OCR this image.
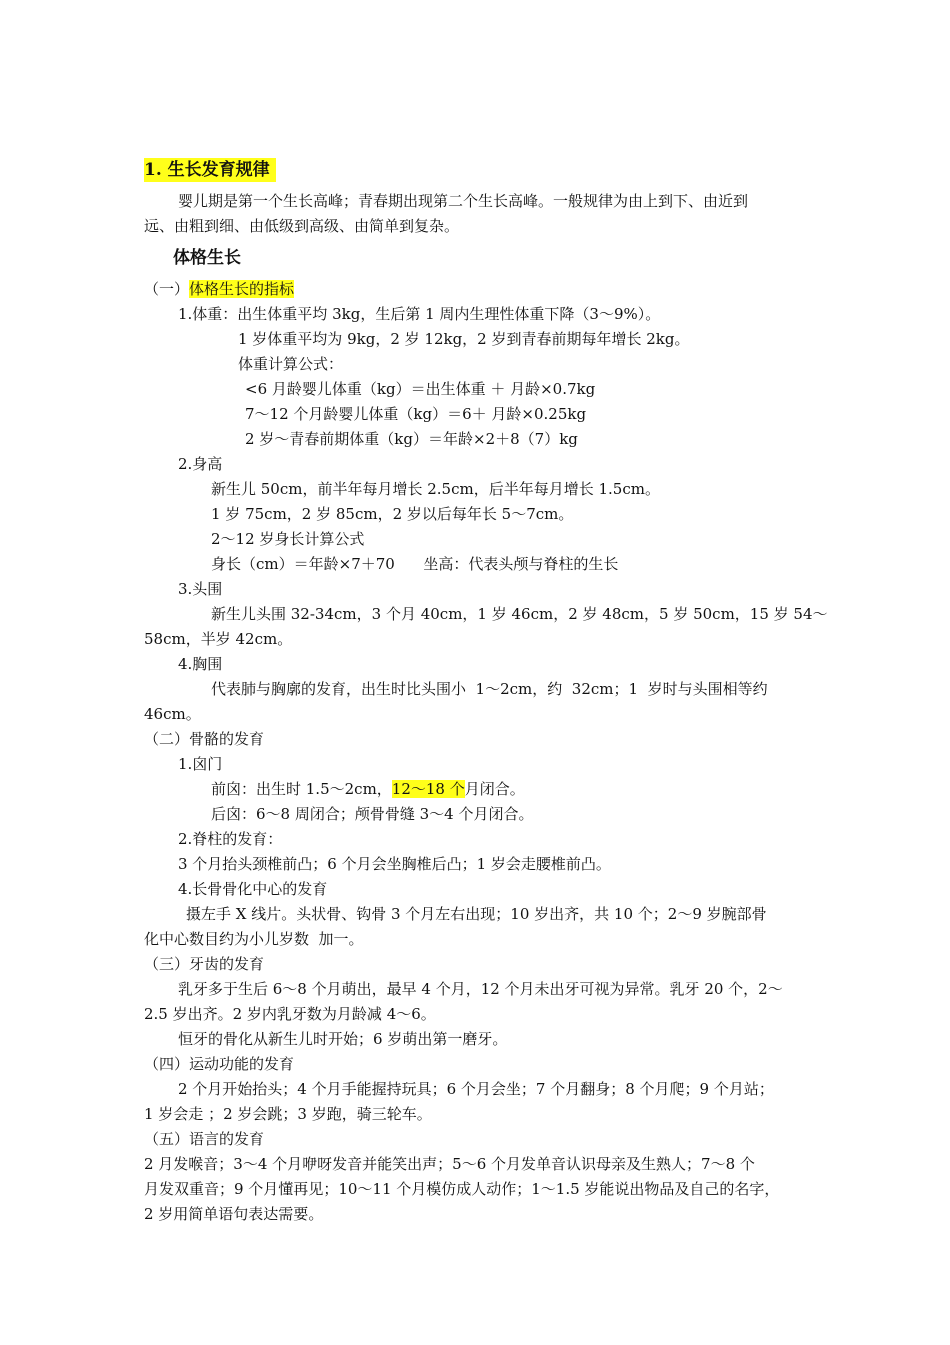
1. 生长发育规律
婴儿期是第一个生长高峰；青春期出现第二个生长高峰。一般规律为由上到下、由近到
远、由粗到细、由低级到高级、由简单到复杂。
体格生长
（一）体格生长的指标
1.体重：出生体重平均 3kg，生后第 1 周内生理性体重下降（3～9%）。
1 岁体重平均为 9kg，2 岁 12kg，2 岁到青春前期每年增长 2kg。
体重计算公式：
<6 月龄婴儿体重（kg）＝出生体重 ＋ 月龄×0.7kg
7～12 个月龄婴儿体重（kg）＝6＋ 月龄×0.25kg
2 岁～青春前期体重（kg）＝年龄×2＋8（7）kg
2.身高
新生儿 50cm，前半年每月增长 2.5cm，后半年每月增长 1.5cm。
1 岁 75cm，2 岁 85cm，2 岁以后每年长 5～7cm。
2～12 岁身长计算公式
身长（cm）＝年龄×7＋70      坐高：代表头颅与脊柱的生长
3.头围
新生儿头围 32-34cm，3 个月 40cm，1 岁 46cm，2 岁 48cm，5 岁 50cm，15 岁 54～
58cm，半岁 42cm。
4.胸围
代表肺与胸廓的发育，出生时比头围小  1～2cm，约  32cm；1  岁时与头围相等约
46cm。
（二）骨骼的发育
1.囟门
前囟：出生时 1.5～2cm，12～18 个月闭合。
后囟：6～8 周闭合；颅骨骨缝 3～4 个月闭合。
2.脊柱的发育：
3 个月抬头颈椎前凸；6 个月会坐胸椎后凸；1 岁会走腰椎前凸。
4.长骨骨化中心的发育
摄左手 X 线片。头状骨、钩骨 3 个月左右出现；10 岁出齐，共 10 个；2～9 岁腕部骨
化中心数目约为小儿岁数  加一。
（三）牙齿的发育
乳牙多于生后 6～8 个月萌出，最早 4 个月，12 个月未出牙可视为异常。乳牙 20 个，2～
2.5 岁出齐。2 岁内乳牙数为月龄减 4～6。
恒牙的骨化从新生儿时开始；6 岁萌出第一磨牙。
（四）运动功能的发育
2 个月开始抬头；4 个月手能握持玩具；6 个月会坐；7 个月翻身；8 个月爬；9 个月站；
1 岁会走 ；2 岁会跳；3 岁跑，骑三轮车。
（五）语言的发育
2 月发喉音；3～4 个月咿呀发音并能笑出声；5～6 个月发单音认识母亲及生熟人；7～8 个
月发双重音；9 个月懂再见；10～11 个月模仿成人动作；1～1.5 岁能说出物品及自己的名字，
2 岁用简单语句表达需要。
